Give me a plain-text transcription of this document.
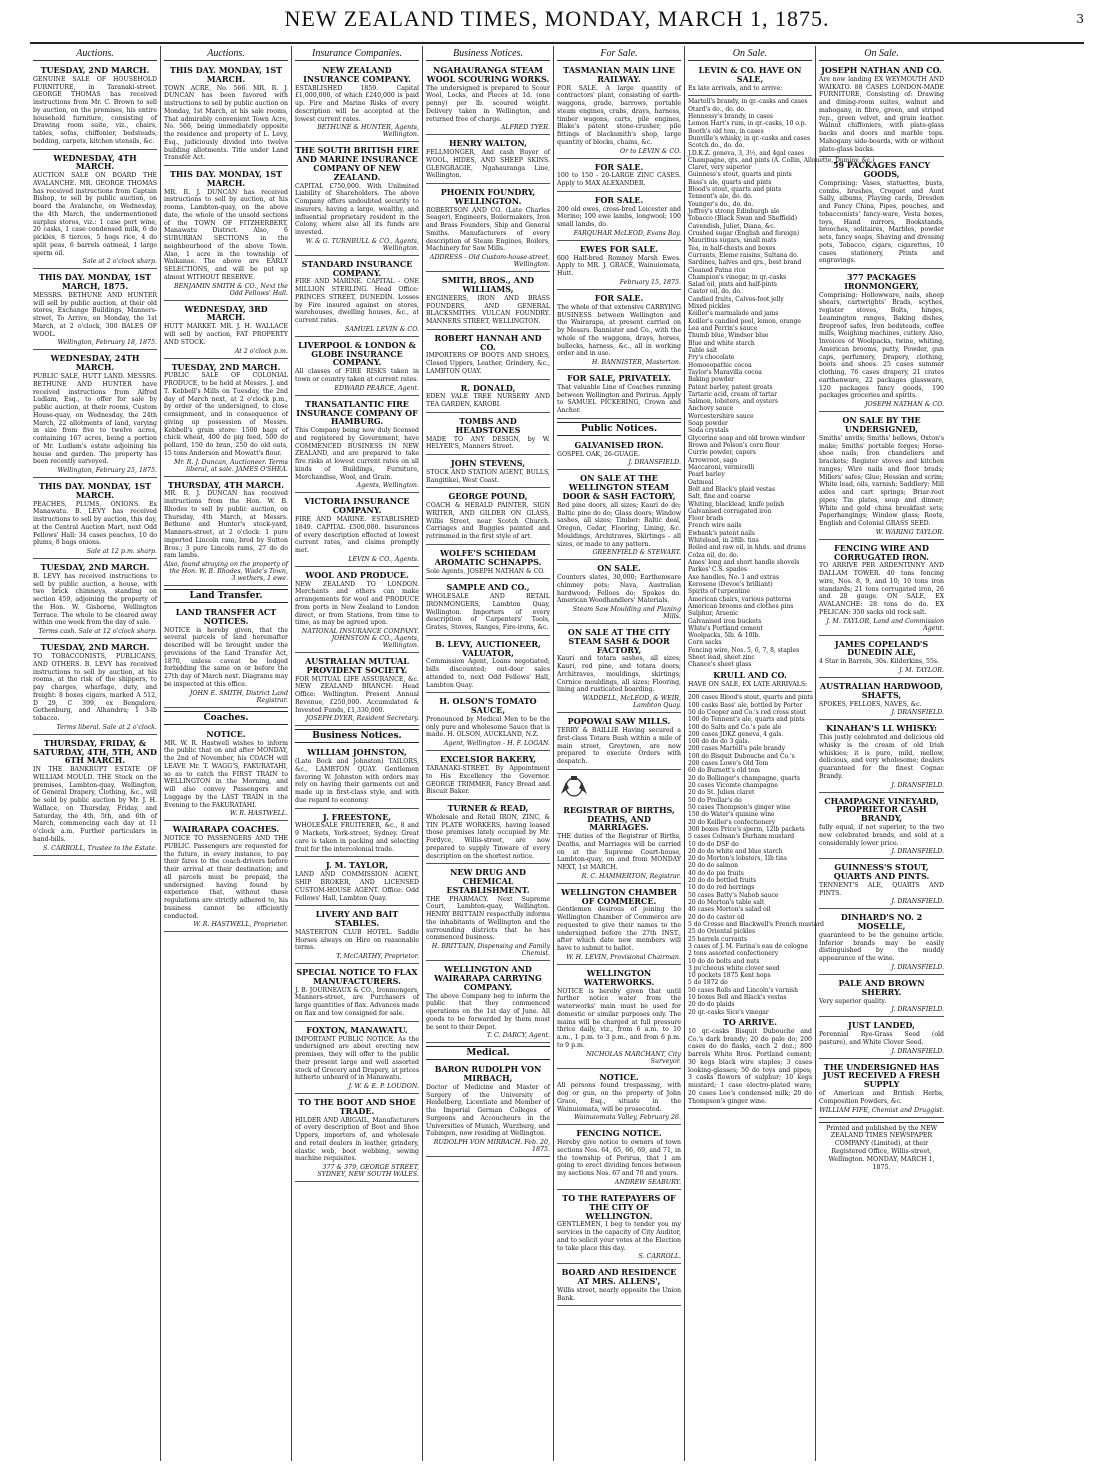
NEW ZEALAND TIMES, MONDAY, MARCH 1, 1875.	3
Auctions.
TUESDAY, 2ND MARCH.
GENUINE SALE OF HOUSEHOLD FURNITURE, in Taranaki-street. GEORGE THOMAS has received instructions from Mr. C. Brown to sell by auction, on the premises, his entire household furniture, consisting of Drawing room suite, viz., chairs, tables, sofas, chiffonier, bedsteads, bedding, carpets, kitchen utensils, &c.
WEDNESDAY, 4TH MARCH.
AUCTION SALE ON BOARD THE AVALANCHE. MR. GEORGE THOMAS has received instructions from Captain Bishop, to sell by public auction, on board the Avalanche, on Wednesday, the 4th March, the undermentioned surplus stores, viz.: 1 case port wine, 20 casks, 1 case condensed milk, 6 do pickles, 8 tierces, 5 hogs rice, 4 do split peas, 6 barrels oatmeal, 1 large sperm oil.
Sale at 2 o'clock sharp.
THIS DAY. MONDAY, 1ST MARCH, 1875.
MESSRS. BETHUNE AND HUNTER will sell by public auction, at their old stores, Exchange Buildings, Manners-street, To Arrive, on Monday, the 1st March, at 2 o'clock, 300 BALES OF WOOL.
Wellington, February 18, 1875.
WEDNESDAY, 24TH MARCH.
PUBLIC SALE, HUTT LAND. MESSRS. BETHUNE AND HUNTER have received instructions from Alfred Ludlam, Esq., to offer for sale by public auction, at their rooms, Custom House-quay, on Wednesday, the 24th March, 22 allotments of land, varying in size from five to twelve acres, containing 167 acres, being a portion of Mr. Ludlam's estate adjoining his house and garden. The property has been recently surveyed.
Wellington, February 25, 1875.
THIS DAY. MONDAY, 1ST MARCH.
PEACHES, PLUMS, ONIONS. Ex Manawatu. B. LEVY has received instructions to sell by auction, this day, at the Central Auction Mart, next Odd Fellows' Hall: 34 cases peaches, 10 do plums, 8 bags onions.
Sale at 12 p.m. sharp.
TUESDAY, 2ND MARCH.
B. LEVY has received instructions to sell by public auction, a house, with two brick chimneys, standing on section 459, adjoining the property of the Hon. W. Gisborne, Wellington Terrace. The whole to be cleared away within one week from the day of sale.
Terms cash. Sale at 12 o'clock sharp.
TUESDAY, 2ND MARCH.
TO TOBACCONISTS, PUBLICANS, AND OTHERS. B. LEVY has received instructions to sell by auction, at his rooms, at the risk of the shippers, to pay charges, wharfage, duty, and freight: 8 boxes cigars, marked A 512, D 29, C 399, ex Bengalore, Gothenburg, and Alhambra; 1 3-lb tobacco.
Terms liberal. Sale at 2 o'clock.
THURSDAY, FRIDAY, & SATURDAY, 4TH, 5TH, AND 6TH MARCH.
IN THE BANKRUPT ESTATE OF WILLIAM MOULD. THE Stock on the premises, Lambton-quay, Wellington, of General Drapery, Clothing, &c., will be sold by public auction by Mr. J. H. Wallace, on Thursday, Friday, and Saturday, the 4th, 5th, and 6th of March, commencing each day at 11 o'clock a.m. Further particulars in hand-bills.
S. CARROLL, Trustee to the Estate.
Auctions.
THIS DAY. MONDAY, 1ST MARCH.
TOWN ACRE, No. 566. MR. R. J. DUNCAN has been favored with instructions to sell by public auction on Monday, 1st March, at his sale rooms, That admirably convenient Town Acre, No. 566, being immediately opposite the residence and property of L. Levy, Esq., judiciously divided into twelve building allotments. Title under Land Transfer Act.
THIS DAY. MONDAY, 1ST MARCH.
MR. R. J. DUNCAN has received instructions to sell by auction, at his rooms, Lambton-quay, on the above date, the whole of the unsold sections of the TOWN OF FITZHERBERT, Manawatu District. Also, 6 SUBURBAN SECTIONS in the neighbourhood of the above Town. Also, 1 acre in the township of Waikanae. The above are EARLY SELECTIONS, and will be put up almost WITHOUT RESERVE.
BENJAMIN SMITH & CO., Next the Odd Fellows' Hall.
WEDNESDAY, 3RD MARCH.
HUTT MARKET. MR. J. H. WALLACE will sell by auction, FAT PROPERTY AND STOCK.
At 2 o'clock p.m.
TUESDAY, 2ND MARCH.
PUBLIC SALE OF COLONIAL PRODUCE, to be held at Messrs. J. and T. Kebbell's Mills on Tuesday, the 2nd day of March next, at 2 o'clock p.m., by order of the undersigned, to close consignment, and in consequence of giving up possession of Messrs. Kebbell's grain store: 1500 bags of chick wheat, 400 do pig feed, 500 do pollard, 150 do bran, 250 do old oats, 15 tons Anderson and Mowatt's flour.
Mr. R. J. Duncan, Auctioneer. Terms liberal, at sale. JAMES O'SHEA.
THURSDAY, 4TH MARCH.
MR. R. J. DUNCAN has received instructions from the Hon. W. B. Rhodes to sell by public auction, on Thursday, 4th March, at Messrs. Bethune and Hunter's stock-yard, Manners-street, at 2 o'clock: 1 pure imported Lincoln ram, bred by Sutton Bros.; 3 pure Lincoln rams, 27 do do ram lambs.
Also, found straying on the property of the Hon. W. B. Rhodes, Wade's Town, 3 wethers, 1 ewe.
Land Transfer.
LAND TRANSFER ACT NOTICES.
NOTICE is hereby given, that the several parcels of land hereinafter described will be brought under the provisions of the Land Transfer Act, 1870, unless caveat be lodged forbidding the same on or before the 27th day of March next. Diagrams may be inspected at this office.
JOHN E. SMITH, District Land Registrar.
Coaches.
NOTICE.
MR. W. R. Hastwell wishes to inform the public that on and after MONDAY, the 2nd of November, his COACH will LEAVE Mr. T. WAGG'S, FAKURATAHI, so as to catch the FIRST TRAIN to WELLINGTON in the Morning, and will also convey Passengers and Luggage by the LAST TRAIN in the Evening to the FAKURATAHI.
W. R. HASTWELL.
WAIRARAPA COACHES.
NOTICE TO PASSENGERS AND THE PUBLIC. Passengers are requested for the future, in every instance, to pay their fares to the coach-drivers before their arrival at their destination; and all parcels must be prepaid, the undersigned having found by experience that, without these regulations are strictly adhered to, his business cannot be efficiently conducted.
W. R. HASTWELL, Proprietor.
Insurance Companies.
NEW ZEALAND INSURANCE COMPANY.
ESTABLISHED 1859. Capital £1,000,000, of which £240,000 is paid up. Fire and Marine Risks of every description will be accepted at the lowest current rates.
BETHUNE & HUNTER, Agents, Wellington.
THE SOUTH BRITISH FIRE AND MARINE INSURANCE COMPANY OF NEW ZEALAND.
CAPITAL £750,000. With Unlimited Liability of Shareholders. The above Company offers undoubted security to insurers, having a large, wealthy, and influential proprietary resident in the Colony, where also all its funds are invested.
W. & G. TURNBULL & CO., Agents, Wellington.
STANDARD INSURANCE COMPANY.
FIRE AND MARINE. CAPITAL - ONE MILLION STERLING. Head Office: PRINCES STREET, DUNEDIN. Losses by Fire insured against on stores, warehouses, dwelling houses, &c., at current rates.
SAMUEL LEVIN & CO.
LIVERPOOL & LONDON & GLOBE INSURANCE COMPANY.
All classes of FIRE RISKS taken in town or country taken at current rates.
EDWARD PEARCE, Agent.
TRANSATLANTIC FIRE INSURANCE COMPANY OF HAMBURG.
This Company being now duly licensed and registered by Government, have COMMENCED BUSINESS IN NEW ZEALAND, and are prepared to take fire risks at lowest current rates on all kinds of Buildings, Furniture, Merchandise, Wool, and Grain.
Agents, Wellington.
VICTORIA INSURANCE COMPANY.
FIRE AND MARINE. ESTABLISHED 1849. CAPITAL £500,000. Insurances of every description effected at lowest current rates, and claims promptly met.
LEVIN & CO., Agents.
WOOL AND PRODUCE.
NEW ZEALAND TO LONDON. Merchants and others can make arrangements for wool and PRODUCE from ports in New Zealand to London direct, or from Stations, from time to time, as may be agreed upon.
NATIONAL INSURANCE COMPANY. JOHNSTON & CO., Agents, Wellington.
AUSTRALIAN MUTUAL PROVIDENT SOCIETY.
FOR MUTUAL LIFE ASSURANCE, &c. NEW ZEALAND BRANCH: Head Office: Wellington. Present Annual Revenue, £250,000. Accumulated & Invested Funds, £1,330,000.
JOSEPH DYER, Resident Secretary.
Business Notices.
WILLIAM JOHNSTON,
(Late Bock and Johnston) TAILORS, &c., LAMBTON QUAY. Gentlemen favoring W. Johnston with orders may rely on having their garments cut and made up in first-class style, and with due regard to economy.
J. FREESTONE,
WHOLESALE FRUITERER, &c., 8 and 9 Markets, York-street, Sydney. Great care is taken in packing and selecting fruit for the intercolonial trade.
J. M. TAYLOR,
LAND AND COMMISSION AGENT, SHIP BROKER, AND LICENSED CUSTOM-HOUSE AGENT. Office: Odd Fellows' Hall, Lambton Quay.
LIVERY AND BAIT STABLES.
MASTERTON CLUB HOTEL. Saddle Horses always on Hire on reasonable terms.
T. McCARTHY, Proprietor.
SPECIAL NOTICE TO FLAX MANUFACTURERS.
J. B. JOURNEAUX & CO., Ironmongers, Manners-street, are Purchasers of large quantities of flax. Advances made on flax and tow consigned for sale.
FOXTON, MANAWATU.
IMPORTANT PUBLIC NOTICE. As the undersigned are about erecting new premises, they will offer to the public their present large and well assorted stock of Grocery and Drapery, at prices hitherto unheard of in Manawatu.
J. W. & E. P. LOUDON.
TO THE BOOT AND SHOE TRADE.
HILDER AND ABIGAIL, Manufacturers of every description of Boot and Shoe Uppers, importers of, and wholesale and retail dealers in leather, grindery, elastic web, boot webbing, sewing machine requisites.
377 & 379, GEORGE STREET, SYDNEY, NEW SOUTH WALES.
Business Notices.
NGAHAURANGA STEAM WOOL SCOURING WORKS.
The undersigned is prepared to Scour Wool, Locks, and Pieces at 1d. (one penny) per lb. scoured weight. Delivery taken in Wellington, and returned free of charge.
ALFRED TYER.
HENRY WALTON,
FELLMONGER, And cash Buyer of WOOL, HIDES, AND SHEEP SKINS. GLENGRAGIE, Ngahauranga Line, Wellington.
PHOENIX FOUNDRY, WELLINGTON.
ROBERTSON AND CO. (Late Charles Seager), Engineers, Boilermakers, Iron and Brass Founders, Ship and General Smiths. Manufacturers of every description of Steam Engines, Boilers, Machinery for Saw Mills.
ADDRESS - Old Custom-house-street, Wellington.
SMITH, BROS., AND WILLIAMS,
ENGINEERS, IRON AND BRASS FOUNDERS, AND GENERAL BLACKSMITHS. VULCAN FOUNDRY. MANNERS STREET, WELLINGTON.
ROBERT HANNAH AND CO.
IMPORTERS OF BOOTS AND SHOES, Closed Uppers, Leather, Grindery, &c., LAMBTON QUAY.
R. DONALD,
EDEN VALE TREE NURSERY AND TEA GARDEN, KAROBI.
TOMBS AND HEADSTONES
MADE TO ANY DESIGN, by W. HELYER'S, Manners Street.
JOHN STEVENS,
STOCK AND STATION AGENT, BULLS, Rangitikei, West Coast.
GEORGE POUND,
COACH & HERALD PAINTER, SIGN WRITER, AND GILDER ON GLASS, Willis Street, near Scotch Church. Carriages and Buggies painted and retrimmed in the first style of art.
WOLFE'S SCHIEDAM AROMATIC SCHNAPPS.
Sole Agents, JOSEPH NATHAN & CO.
SAMPLE AND CO.,
WHOLESALE AND RETAIL IRONMONGERS, Lambton Quay, Wellington. Importers of every description of Carpenters' Tools, Grates, Stoves, Ranges, Fire-irons, &c.
B. LEVY, AUCTIONEER, VALUATOR,
Commission Agent, Loans negotiated; bills discounted; out-door sales attended to, next Odd Fellows' Hall, Lambton Quay.
H. OLSON'S TOMATO SAUCE,
Pronounced by Medical Men to be the only pure and wholesome Sauce that is made. H. OLSON, AUCKLAND, N.Z.
Agent, Wellington - H. F. LOGAN.
EXCELSIOR BAKERY,
TARANAKI-STREET. By Appointment to His Excellency the Governor. GEORGE TRIMMER, Fancy Bread and Biscuit Baker.
TURNER & READ,
Wholesale and Retail IRON, ZINC, & TIN PLATE WORKERS, having leased those premises lately occupied by Mr. Fordyce, Willis-street, are now prepared to supply Tinware of every description on the shortest notice.
NEW DRUG AND CHEMICAL ESTABLISHMENT.
THE PHARMACY. Next Supreme Court, Lambton-quay, Wellington. HENRY BRITTAIN respectfully informs the inhabitants of Wellington and the surrounding districts that he has commenced business.
H. BRITTAIN, Dispensing and Family Chemist.
WELLINGTON AND WAIRARAPA CARRYING COMPANY.
The above Company beg to inform the public that they commenced operations on the 1st day of June. All goods to be forwarded by them must be sent to their Depot.
T. C. DARCY, Agent.
Medical.
BARON RUDOLPH VON MIRBACH,
Doctor of Medicine and Master of Surgery of the University of Heidelberg, Licentiate and Member of the Imperial German Colleges of Surgeons and Accoucheurs in the Universities of Munich, Wurzburg, and Tubingen, now residing at Wellington.
RUDOLPH VON MIRBACH. Feb. 20, 1875.
For Sale.
TASMANIAN MAIN LINE RAILWAY.
FOR SALE. A large quantity of contractors' plant, consisting of earth-waggons, grade, barrows, portable steam engines, crabs, drays, harness, timber wagons, carts, pile engines, Blake's patent stone-crusher, pile fittings of blacksmith's shop, large quantity of blocks, chains, &c.
Or to LEVIN & CO.
FOR SALE.
100 to 150 - 20-LARGE ZINC CASES. Apply to MAX ALEXANDER.
FOR SALE.
200 old ewes, cross-bred Leicester and Merino; 100 ewe lambs, longwool; 100 small lambs, do.
FARQUHAR McLEOD, Evans Bay.
EWES FOR SALE.
600 Half-bred Romney Marsh Ewes. Apply to MR. J. GRACE, Wainuiomata, Hutt.
February 15, 1875.
FOR SALE.
The whole of that extensive CARRYING BUSINESS between Wellington and the Wairarapa, at present carried on by Messrs. Bannister and Co., with the whole of the waggons, drays, horses, bullocks, harness, &c., all in working order and in use.
H. BANNISTER, Masterton.
FOR SALE, PRIVATELY.
That valuable Line of Coaches running between Wellington and Porirua. Apply to SAMUEL PICKERING, Crown and Anchor.
Public Notices.
GALVANISED IRON.
GOSPEL OAK, 26-GUAGE.
J. DRANSFIELD.
ON SALE AT THE WELLINGTON STEAM DOOR & SASH FACTORY,
Red pine doors, all sizes; Kauri do do; Baltic pine do do; Glass doors; Window sashes, all sizes; Timber: Baltic deal, Oregon, Cedar, Flooring, Lining, &c. Mouldings, Architraves, Skirtings - all sizes, or made to any pattern.
GREENFIELD & STEWART.
ON SALE.
Counters slates, 30,000; Earthenware chimney pots; Nava, Australian hardwood; Felloes do; Spokes do. American Woodhandlers' Materials.
Steam Saw Moulding and Planing Mills.
ON SALE AT THE CITY STEAM SASH & DOOR FACTORY,
Kauri and totara sashes, all sizes; Kauri, red pine, and totara doors; Architraves, mouldings, skirtings; Cornice mouldings, all sizes; Flooring, lining and rusticated boarding.
WADDELL, McLEOD, & WEIR, Lambton Quay.
POPOWAI SAW MILLS.
TERRY & BAILLIE Having secured a first-class Totara Bush within a mile of main street, Greytown, are now prepared to execute Orders with despatch.
REGISTRAR OF BIRTHS, DEATHS, AND MARRIAGES.
THE duties of the Registrar of Births, Deaths, and Marriages will be carried on at the Supreme Court-house, Lambton-quay, on and from MONDAY NEXT, 1st MARCH.
R. C. HAMMERTON, Registrar.
WELLINGTON CHAMBER OF COMMERCE.
Gentlemen desirous of joining the Wellington Chamber of Commerce are requested to give their names to the undersigned before the 27th INST., after which date new members will have to submit to ballot.
W. H. LEVIN, Provisional Chairman.
WELLINGTON WATERWORKS.
NOTICE is hereby given that until further notice water from the waterworks' main must be used for domestic or similar purposes only. The mains will be charged at full pressure thrice daily, viz., from 6 a.m. to 10 a.m., 1 p.m. to 3 p.m., and from 6 p.m. to 9 p.m.
NICHOLAS MARCHANT, City Surveyor.
NOTICE.
All persons found trespassing, with dog or gun, on the property of John Grace, Esq., situate in the Wainuiomata, will be prosecuted.
Wainuiomata Valley, February 26.
FENCING NOTICE.
Hereby give notice to owners of town sections Nos. 64, 65, 66, 69, and 71, in the township of Porirua, that I am going to erect dividing fences between my sections Nos. 67 and 70 and yours.
ANDREW SEABURY.
TO THE RATEPAYERS OF THE CITY OF WELLINGTON.
GENTLEMEN, I beg to tender you my services in the capacity of City Auditor, and to solicit your votes at the Election to take place this day.
S. CARROLL.
BOARD AND RESIDENCE AT MRS. ALLENS',
Willis street, nearly opposite the Union Bank.
On Sale.
LEVIN & CO. HAVE ON SALE,
Ex late arrivals, and to arrive:
Martell's brandy, in qr.-casks and cases
Otard's do., do. do.
Hennessy's brandy, in cases
Lemon Hart's rum, in qr.-casks, 10 o.p.
Booth's old tom, in cases
Dunville's whisky, in qr.-casks and cases
Scotch do., do. do.
J.D.K.Z. geneva, 3, 3½, and 4gal cases
Champagne, qts. and pints (A. Collin, Allouette, Duminy, &c.)
Claret, very superior
Guinness's stout, quarts and pints
Bass's ale, quarts and pints
Blood's stout, quarts and pints
Tennent's ale, do. do.
Younger's do., do. do.
Jeffrey's strong Edinburgh ale
Tobacco (Black Swan and Sheffield)
Cavendish, Juliet, Diana, &c.
Crushed sugar (English and foreign)
Mauritius sugars, small mats
Tea, in half-chests and boxes
Currants, Eleme raisins, Sultana do.
Sardines, halves and qrs., best brand
Cleaned Patna rice
Champion's vinegar, in qr.-casks
Salad oil, pints and half-pints
Castor oil, do. do.
Candied fruits, Calves-foot jelly
Mixed pickles
Keiller's marmalade and jams
Keiller's candied peel, lemon, orange
Lea and Perrin's sauce
Thumb blue, Windsor blue
Blue and white starch
Table salt
Fry's chocolate
Homoeopathic cocoa
Taylor's Maravilla cocoa
Baking powder
Patent barley, patent groats
Tartaric acid, cream of tartar
Salmon, lobsters, and oysters
Anchovy sauce
Worcestershire sauce
Soap powder
Soda crystals
Glycerine soap and old brown windsor
Brown and Polson's corn flour
Currie powder, capers
Arrowroot, sago
Maccaroni, vermicelli
Pearl barley
Oatmeal
Bolt and Black's plaid vestas
Salt, fine and coarse
Whiting, blacklead, knife polish
Galvanised corrugated iron
Floor brads
French wire nails
Ewbank's patent nails
Whitelead, in 28lb. tins
Boiled and raw oil, in hhds. and drums
Colza oil, do. do.
Ames' long and short handle shovels
Parkes' C.S. spades
Axe handles, No. 1 and extras
Kerosene (Devoe's brilliant)
Spirits of turpentine
American chairs, various patterns
American brooms and clothes pins
Sulphur, Arsenic
Galvanised iron buckets
White's Portland cement
Woolpacks, 5lb. & 10lb.
Corn sacks
Fencing wire, Nos. 5, 6, 7, 8, staples
Sheet lead, sheet zinc
Chance's sheet glass
KRULL AND CO.
HAVE ON SALE, EX LATE ARRIVALS:
200 cases Blood's stout, quarts and pints
100 casks Bass' ale, bottled by Porter
50 do Cooper and Co.'s red cross stout
100 do Tennent's ale, quarts and pints
100 do Salts and Co.'s pale ale
200 cases JDKZ geneva, 4 gals.
100 do do do 3 gals.
200 cases Martell's pale brandy
100 do Bisquit Dubouche and Co.'s
200 cases Lowe's Old Tom
60 do Burnett's old tom
20 do Bollinger's champagne, quarts
20 cases Vicomte champagne
20 do St. Julien claret
50 do Prellar's do
50 cases Thompson's ginger wine
150 do Water's quinine wine
20 do Keiller's confectionery
300 boxes Price's sperm, 12lb packets
5 cases Colman's Durham mustard
10 do do DSF do
20 do do white and blue starch
20 do Morton's lobsters, 1lb tins
20 do do salmon
40 do do pie fruits
20 do do bottled fruits
10 do do red herrings
50 cases Batty's Nabob sauce
20 do Morton's table salt
40 cases Morton's salad oil
20 do do castor oil
5 do Crosse and Blackwell's French mustard
25 do Oriental pickles
25 barrels currants
3 cases of J. M. Farina's eau de cologne
2 tons assorted confectionery
10 do do bolts and nuts
3 pu'cheous white clover seed
10 pockets 1875 Kent hops
5 do 1872 do
50 cases Rolls and Lincoln's varnish
10 boxes Bell and Black's vestas
20 do do plaids
20 qr.-casks Sice's vinegar
TO ARRIVE.
10 qr.-casks Bisquit Dubouche and Co.'s dark brandy; 20 do pale do; 200 cases do do flasks, each 2 doz.; 800 barrels White Bros. Portland cement; 30 kegs black wire staples; 3 cases looking-glasses; 50 do toys and pipes; 3 casks flowers of sulphur; 10 kegs mustard; 1 case electro-plated ware; 20 cases Lee's condensed milk; 20 do Thompson's ginger wine.
On Sale.
JOSEPH NATHAN AND CO.
Are now landing EX WEYMOUTH AND WAIKATO. 88 CASES LONDON-MADE FURNITURE, Consisting of: Drawing and dining-room suites, walnut and mahogany, in fibre, green, and striped rep., green velvet, and grain leather. Walnut chiffoniers, with plate-glass backs and doors and marble tops. Mahogany side-boards, with or without plate-glass backs.
59 PACKAGES FANCY GOODS,
Comprising: Vases, statuettes, busts, combs, brushes, Croquet and Aunt Sally, albums, Playing cards, Dresden and Fancy China, Pipes, pouches, and tobacconists' fancy-ware, Vesta boxes, toys, Hand mirrors, Bookstands, brooches, solitaires, Marbles, powder sets, fancy soaps, Shaving and dressing pots, Tobacco, cigars, cigarettes, 10 cases stationery, Prints and engravings.
377 PACKAGES IRONMONGERY,
Comprising: Hollowware, nails, sheep shears, cartwrights' Brads, scythes, register stoves, Bolts, hinges, Leamington ranges, Baking dishes, fireproof safes, Iron bedsteads, coffee mills, Weighing machines, cutlery. Also, Invoices of Woolpacks, twine, whiting, American brooms, putty, Powder, gun caps, perfumery, Drapery, clothing, boots and shoes. 25 cases summer clothing, 76 cases drapery, 21 crates earthenware, 22 packages glassware, 120 packages fancy goods, 190 packages groceries and spirits.
JOSEPH NATHAN & CO.
ON SALE BY THE UNDERSIGNED,
Smiths' anvils; Smiths' bellows, Oxton's make; Smiths' portable forges; Horse-shoe nails; Iron chandeliers and brackets; Register stoves and kitchen ranges; Wire nails and floor brads; Millers' safes; Glue; Hessian and scrim; White lead, oils, varnish; Saddlery; Mill axles and cart springs; Briar-root pipes; Tin plates, soup and dinner; White and gold china breakfast sets; Paperhangings; Window glass; Roots, English and Colonial GRASS SEED.
W. WARING TAYLOR.
FENCING WIRE AND CORRUGATED IRON.
TO ARRIVE PER ARDENTINNY AND DALLAM TOWER. 40 tons fencing wire, Nos. 8, 9, and 10; 10 tons iron standards; 21 tons corrugated iron, 26 and 28 gauge. ON SALE, EX AVALANCHE: 28 tons do do. EX PELICAN: 350 sacks old rock salt.
J. M. TAYLOR, Land and Commission Agent.
JAMES COPELAND'S DUNEDIN ALE,
4 Star in Barrels, 30s. Kilderkins, 55s.
J. M. TAYLOR.
AUSTRALIAN HARDWOOD, SHAFTS,
SPOKES, FELLOES, NAVES, &c.
J. DRANSFIELD.
KINAHAN'S LL WHISKY:
This justly celebrated and delicious old whisky is the cream of old Irish whiskies; it is pure, mild, mellow, delicious, and very wholesome; dealers guaranteed for the finest Cognac Brandy.
J. DRANSFIELD.
CHAMPAGNE VINEYARD, PROPRIETOR CASH BRANDY,
fully equal, if not superior, to the two new celebrated brands, and sold at a considerably lower price.
J. DRANSFIELD.
GUINNESS'S STOUT, QUARTS AND PINTS.
TENNENT'S ALE, QUARTS AND PINTS.
J. DRANSFIELD.
DINHARD'S NO. 2 MOSELLE,
guaranteed to be the genuine article. Inferior brands may be easily distinguished by the muddy appearance of the wine.
J. DRANSFIELD.
PALE AND BROWN SHERRY.
Very superior quality.
J. DRANSFIELD.
JUST LANDED,
Perennial Rye-Grass Seed (old pasture), and White Clover Seed.
J. DRANSFIELD.
THE UNDERSIGNED HAS JUST RECEIVED A FRESH SUPPLY
of American and British Herbs, Composition Powders, &c.
WILLIAM FIFE, Chemist and Druggist.
Printed and published by the NEW ZEALAND TIMES NEWSPAPER COMPANY (Limited), at their Registered Office, Willis-street, Wellington. MONDAY, MARCH 1, 1875.
